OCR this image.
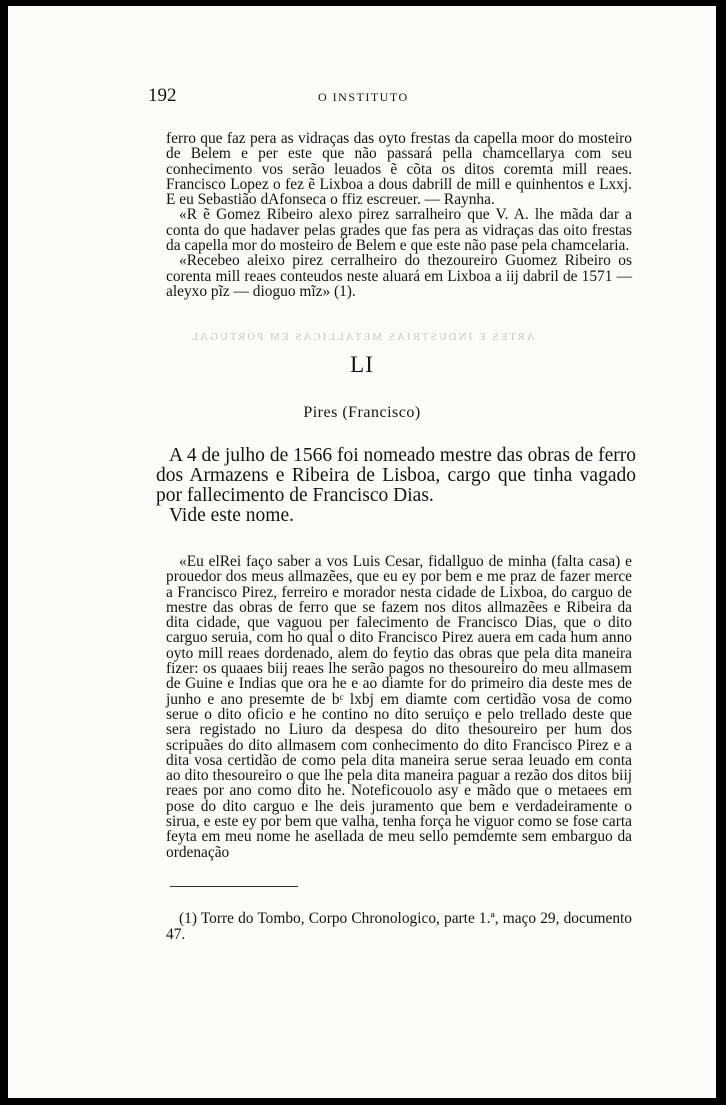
192	O INSTITUTO

ferro que faz pera as vidraças das oyto frestas da capella moor do mosteiro de Belem e per este que não passará pella chamcellarya com seu conhecimento vos serão leuados ẽ cõta os ditos coremta mill reaes. Francisco Lopez o fez ẽ Lixboa a dous dabrill de mill e quinhentos e Lxxj. E eu Sebastião dAfonseca o ffiz escreuer. — Raynha.

«R ẽ Gomez Ribeiro alexo pirez sarralheiro que V. A. lhe mãda dar a conta do que hadaver pelas grades que fas pera as vidraças das oito frestas da capella mor do mosteiro de Belem e que este não pase pela chamcelaria.

«Recebeo aleixo pirez cerralheiro do thezoureiro Guomez Ribeiro os corenta mill reaes conteudos neste aluará em Lixboa a iij dabril de 1571 — aleyxo pĩz — dioguo mĩz» (1).

ARTES E INDUSTRIAS METALLICAS EM PORTUGAL
LI
Pires (Francisco)

A 4 de julho de 1566 foi nomeado mestre das obras de ferro dos Armazens e Ribeira de Lisboa, cargo que tinha vagado por fallecimento de Francisco Dias.

Vide este nome.

«Eu elRei faço saber a vos Luis Cesar, fidallguo de minha (falta casa) e prouedor dos meus allmazẽes, que eu ey por bem e me praz de fazer merce a Francisco Pirez, ferreiro e morador nesta cidade de Lixboa, do carguo de mestre das obras de ferro que se fazem nos ditos allmazẽes e Ribeira da dita cidade, que vaguou per falecimento de Francisco Dias, que o dito carguo seruia, com ho qual o dito Francisco Pirez auera em cada hum anno oyto mill reaes dordenado, alem do feytio das obras que pela dita maneira fizer: os quaaes biij reaes lhe serão pagos no thesoureiro do meu allmasem de Guine e Indias que ora he e ao diamte for do primeiro dia deste mes de junho e ano presemte de bᶜ lxbj em diamte com certidão vosa de como serue o dito oficio e he contino no dito seruiço e pelo trellado deste que sera registado no Liuro da despesa do dito thesoureiro per hum dos scripuães do dito allmasem com conhecimento do dito Francisco Pirez e a dita vosa certidão de como pela dita maneira serue seraa leuado em conta ao dito thesoureiro o que lhe pela dita maneira paguar a rezão dos ditos biij reaes por ano como dito he. Noteficouolo asy e mãdo que o metaees em pose do dito carguo e lhe deis juramento que bem e verdadeiramente o sirua, e este ey por bem que valha, tenha força he viguor como se fose carta feyta em meu nome he asellada de meu sello pemdemte sem embarguo da ordenação

(1) Torre do Tombo, Corpo Chronologico, parte 1.ª, maço 29, documento 47.
